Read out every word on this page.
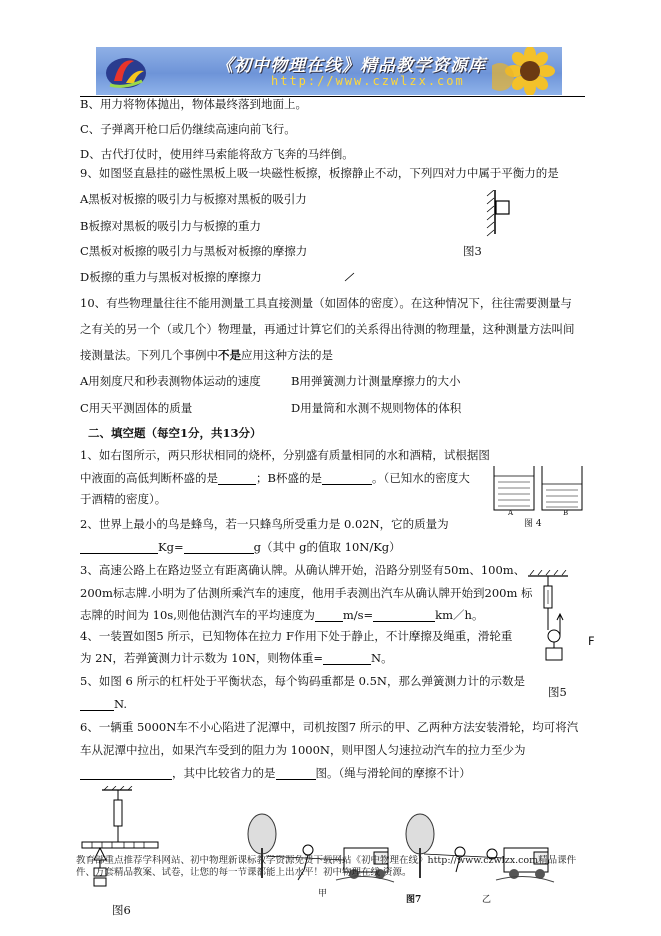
《初中物理在线》精品教学资源库
http://www.czwlzx.com
B、用力将物体抛出，物体最终落到地面上。
C、子弹离开枪口后仍继续高速向前飞行。
D、古代打仗时，使用绊马索能将敌方飞奔的马绊倒。
9、如图竖直悬挂的磁性黑板上吸一块磁性板擦，板擦静止不动，下列四对力中属于平衡力的是
A黑板对板擦的吸引力与板擦对黑板的吸引力
B板擦对黑板的吸引力与板擦的重力
C黑板对板擦的吸引力与黑板对板擦的摩擦力
D板擦的重力与黑板对板擦的摩擦力
图3
10、有些物理量往往不能用测量工具直接测量（如固体的密度）。在这种情况下，往往需要测量与
之有关的另一个（或几个）物理量，再通过计算它们的关系得出待测的物理量，这种测量方法叫间
接测量法。下列几个事例中不是应用这种方法的是
A用刻度尺和秒表测物体运动的速度	B用弹簧测力计测量摩擦力的大小
C用天平测固体的质量	D用量筒和水测不规则物体的体积
二、填空题（每空1分，共13分）
1、如右图所示，两只形状相同的烧杯，分别盛有质量相同的水和酒精，试根据图
中液面的高低判断杯盛的是	；B杯盛的是	。（已知水的密度大
于酒精的密度）。
A	B
图 4
2、世界上最小的鸟是蜂鸟，若一只蜂鸟所受重力是 0.02N，它的质量为
Kg=	g（其中 g的值取 10N/Kg）
3、高速公路上在路边竖立有距离确认牌。从确认牌开始，沿路分别竖有50m、100m、
200m标志牌.小明为了估测所乘汽车的速度，他用手表测出汽车从确认牌开始到200m 标
志牌的时间为 10s,则他估测汽车的平均速度为 m/s=	km／h。
F
图5
4、一装置如图5 所示，已知物体在拉力 F作用下处于静止，不计摩擦及绳重，滑轮重
为 2N，若弹簧测力计示数为 10N，则物体重=	N。
5、如图 6 所示的杠杆处于平衡状态，每个钩码重都是 0.5N，那么弹簧测力计的示数是
N.
6、一辆重 5000N车不小心陷进了泥潭中，司机按图7 所示的甲、乙两种方法安装滑轮，均可将汽
车从泥潭中拉出，如果汽车受到的阻力为 1000N，则甲图人匀速拉动汽车的拉力至少为
，其中比较省力的是	图。（绳与滑轮间的摩擦不计）
图6
甲
图7	乙
教育部重点推荐学科网站、初中物理新课标教学资源免费下载网站《初中物理在线》http://www.czwlzx.com精品课件
件、万套精品教案、试卷，让您的每一节课都能上出水平！初中物理在线 资源。
